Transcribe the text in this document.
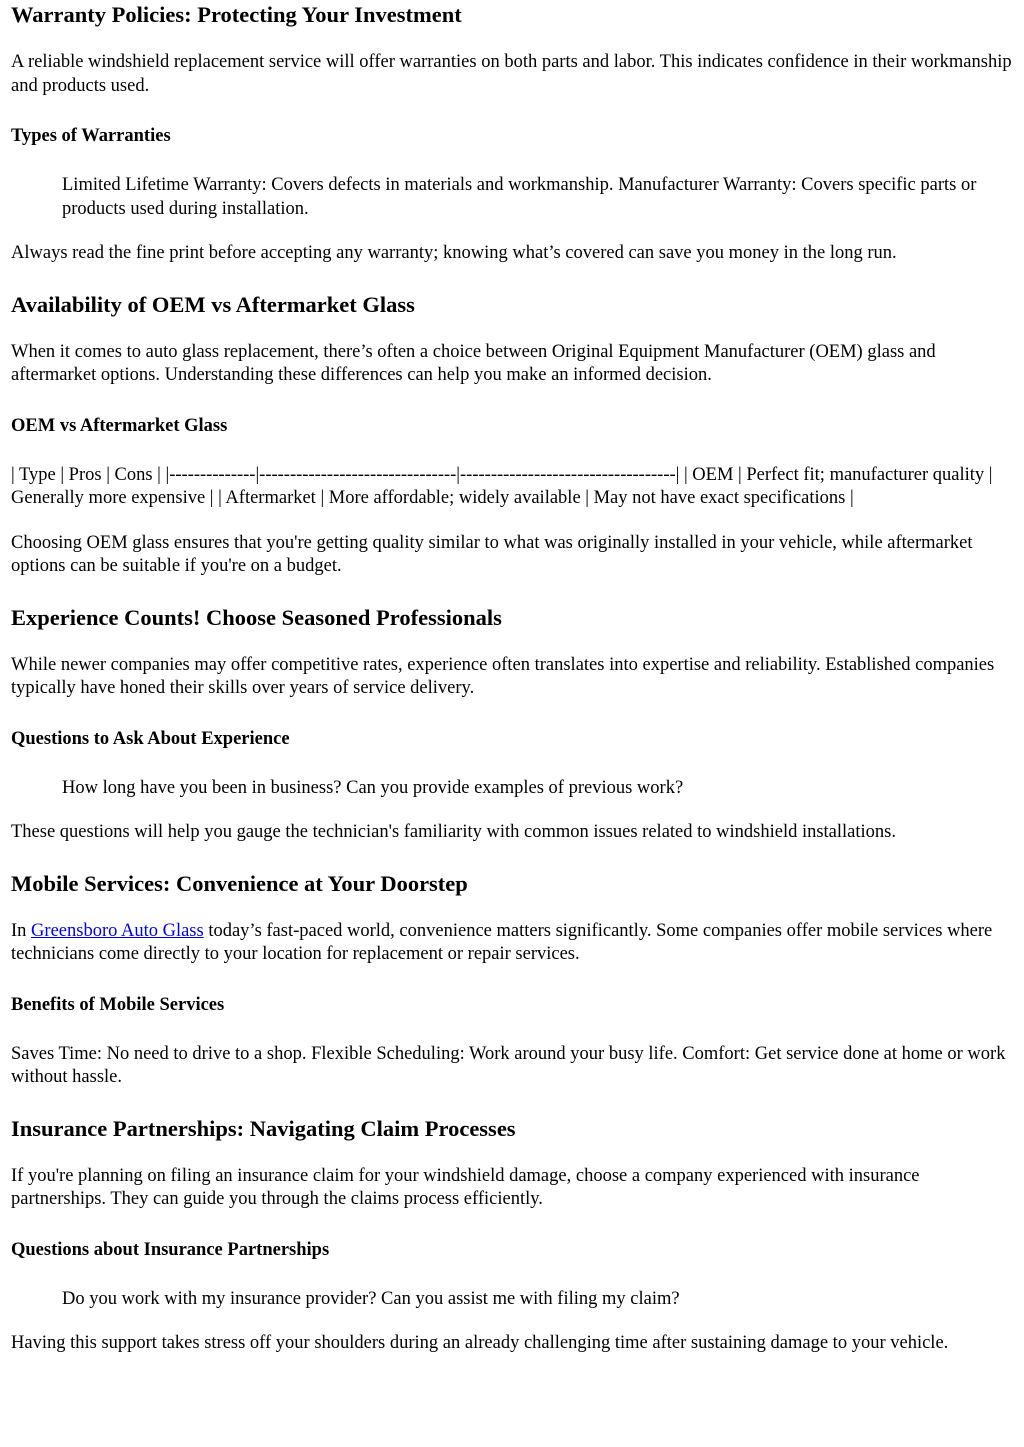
Warranty Policies: Protecting Your Investment

A reliable windshield replacement service will offer warranties on both parts and labor. This indicates confidence in their workmanship and products used.

Types of Warranties
Limited Lifetime Warranty: Covers defects in materials and workmanship. Manufacturer Warranty: Covers specific parts or products used during installation.

Always read the fine print before accepting any warranty; knowing what’s covered can save you money in the long run.

Availability of OEM vs Aftermarket Glass

When it comes to auto glass replacement, there’s often a choice between Original Equipment Manufacturer (OEM) glass and aftermarket options. Understanding these differences can help you make an informed decision.

OEM vs Aftermarket Glass

| Type | Pros | Cons | |--------------|--------------------------------|-----------------------------------| | OEM | Perfect fit; manufacturer quality | Generally more expensive | | Aftermarket | More affordable; widely available | May not have exact specifications |

Choosing OEM glass ensures that you're getting quality similar to what was originally installed in your vehicle, while aftermarket options can be suitable if you're on a budget.

Experience Counts! Choose Seasoned Professionals

While newer companies may offer competitive rates, experience often translates into expertise and reliability. Established companies typically have honed their skills over years of service delivery.

Questions to Ask About Experience
How long have you been in business? Can you provide examples of previous work?

These questions will help you gauge the technician's familiarity with common issues related to windshield installations.

Mobile Services: Convenience at Your Doorstep

In Greensboro Auto Glass today’s fast-paced world, convenience matters significantly. Some companies offer mobile services where technicians come directly to your location for replacement or repair services.

Benefits of Mobile Services

Saves Time: No need to drive to a shop. Flexible Scheduling: Work around your busy life. Comfort: Get service done at home or work without hassle.

Insurance Partnerships: Navigating Claim Processes

If you're planning on filing an insurance claim for your windshield damage, choose a company experienced with insurance partnerships. They can guide you through the claims process efficiently.

Questions about Insurance Partnerships
Do you work with my insurance provider? Can you assist me with filing my claim?

Having this support takes stress off your shoulders during an already challenging time after sustaining damage to your vehicle.
